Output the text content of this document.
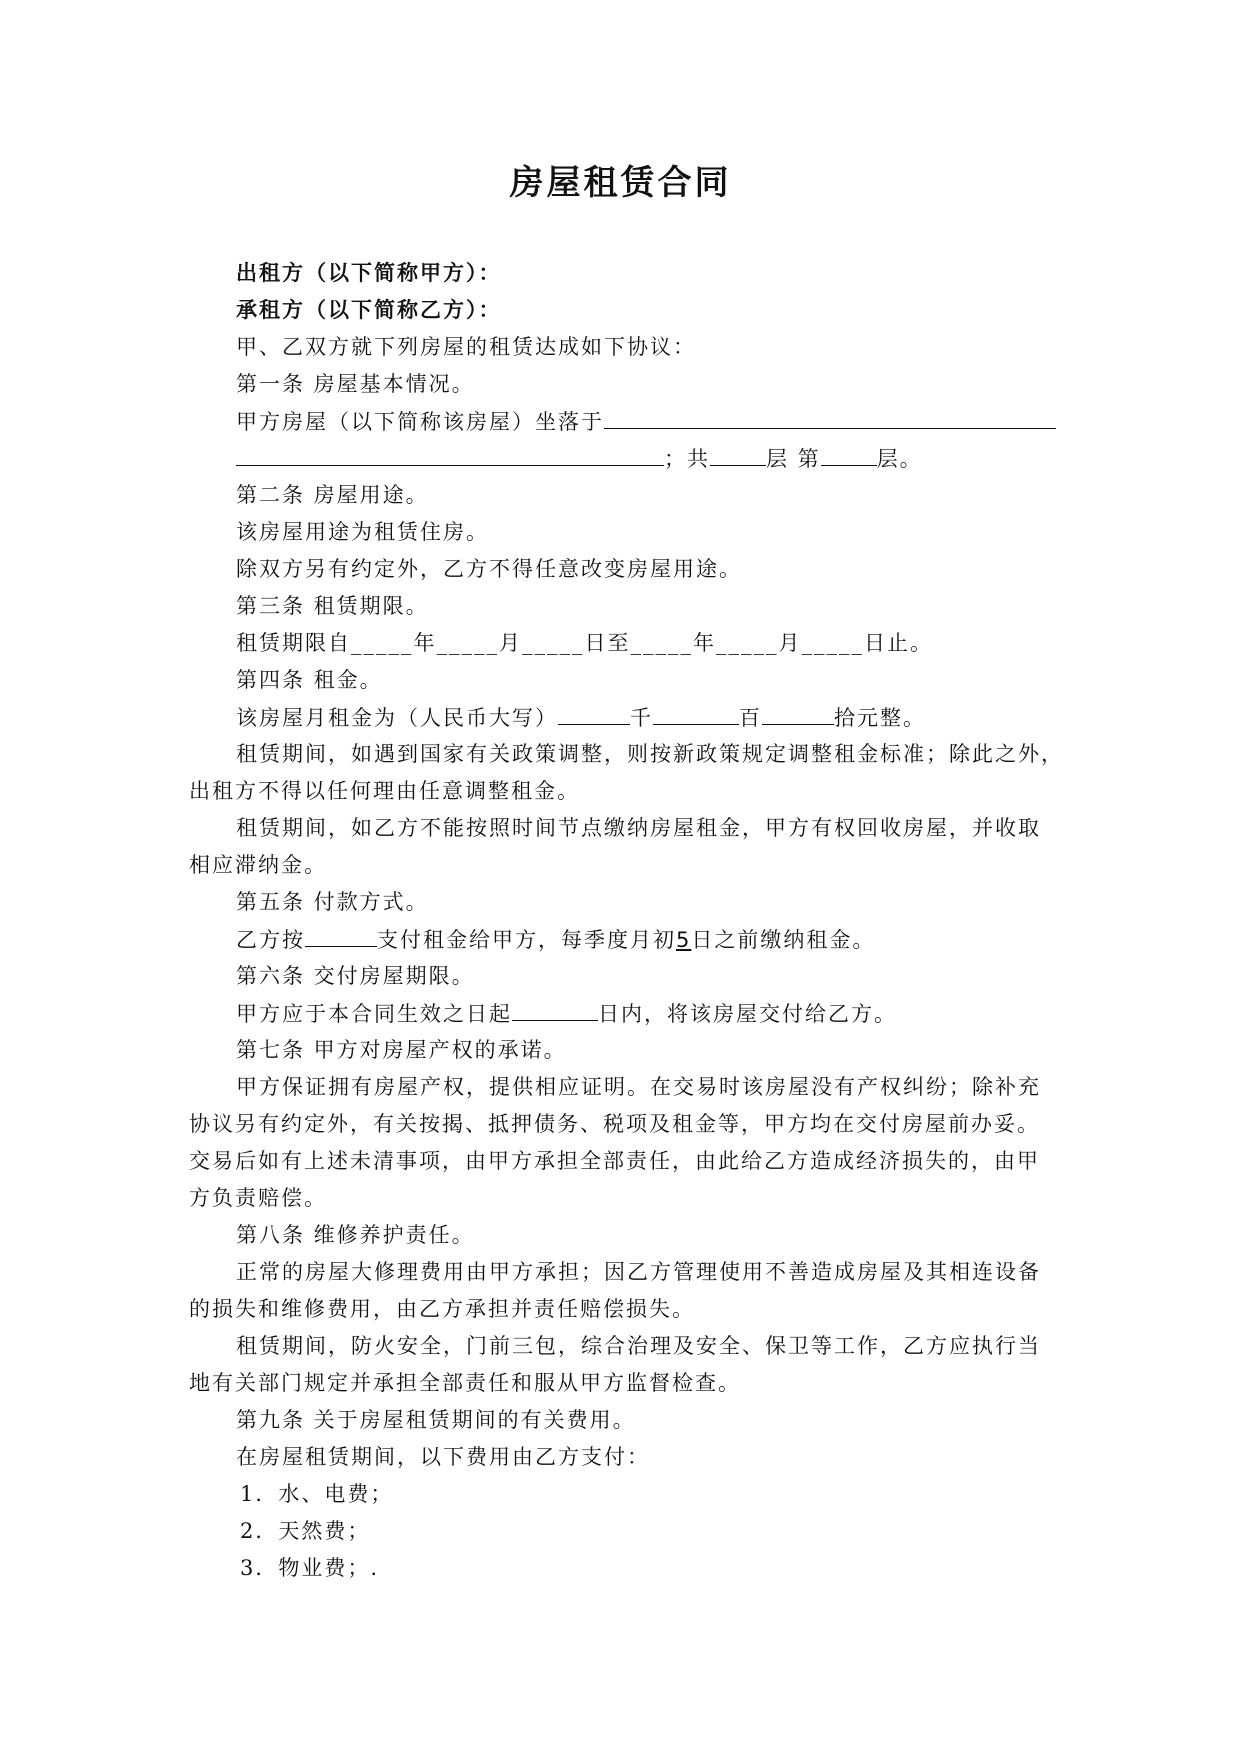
房屋租赁合同
出租方（以下简称甲方）：
承租方（以下简称乙方）：
甲、乙双方就下列房屋的租赁达成如下协议：
第一条 房屋基本情况。
甲方房屋（以下简称该房屋）坐落于
；共	层 第	层。
第二条 房屋用途。
该房屋用途为租赁住房。
除双方另有约定外，乙方不得任意改变房屋用途。
第三条 租赁期限。
租赁期限自_____年_____月_____日至_____年_____月_____日止。
第四条 租金。
该房屋月租金为（人民币大写）	千	百	拾元整。
租赁期间，如遇到国家有关政策调整，则按新政策规定调整租金标准；除此之外，
出租方不得以任何理由任意调整租金。
租赁期间，如乙方不能按照时间节点缴纳房屋租金，甲方有权回收房屋，并收取
相应滞纳金。
第五条 付款方式。
乙方按	支付租金给甲方，每季度月初5日之前缴纳租金。
第六条 交付房屋期限。
甲方应于本合同生效之日起	日内，将该房屋交付给乙方。
第七条 甲方对房屋产权的承诺。
甲方保证拥有房屋产权，提供相应证明。在交易时该房屋没有产权纠纷；除补充
协议另有约定外，有关按揭、抵押债务、税项及租金等，甲方均在交付房屋前办妥。
交易后如有上述未清事项，由甲方承担全部责任，由此给乙方造成经济损失的，由甲
方负责赔偿。
第八条 维修养护责任。
正常的房屋大修理费用由甲方承担；因乙方管理使用不善造成房屋及其相连设备
的损失和维修费用，由乙方承担并责任赔偿损失。
租赁期间，防火安全，门前三包，综合治理及安全、保卫等工作，乙方应执行当
地有关部门规定并承担全部责任和服从甲方监督检查。
第九条 关于房屋租赁期间的有关费用。
在房屋租赁期间，以下费用由乙方支付：
1．水、电费；
2．天然费；
3．物业费；.
